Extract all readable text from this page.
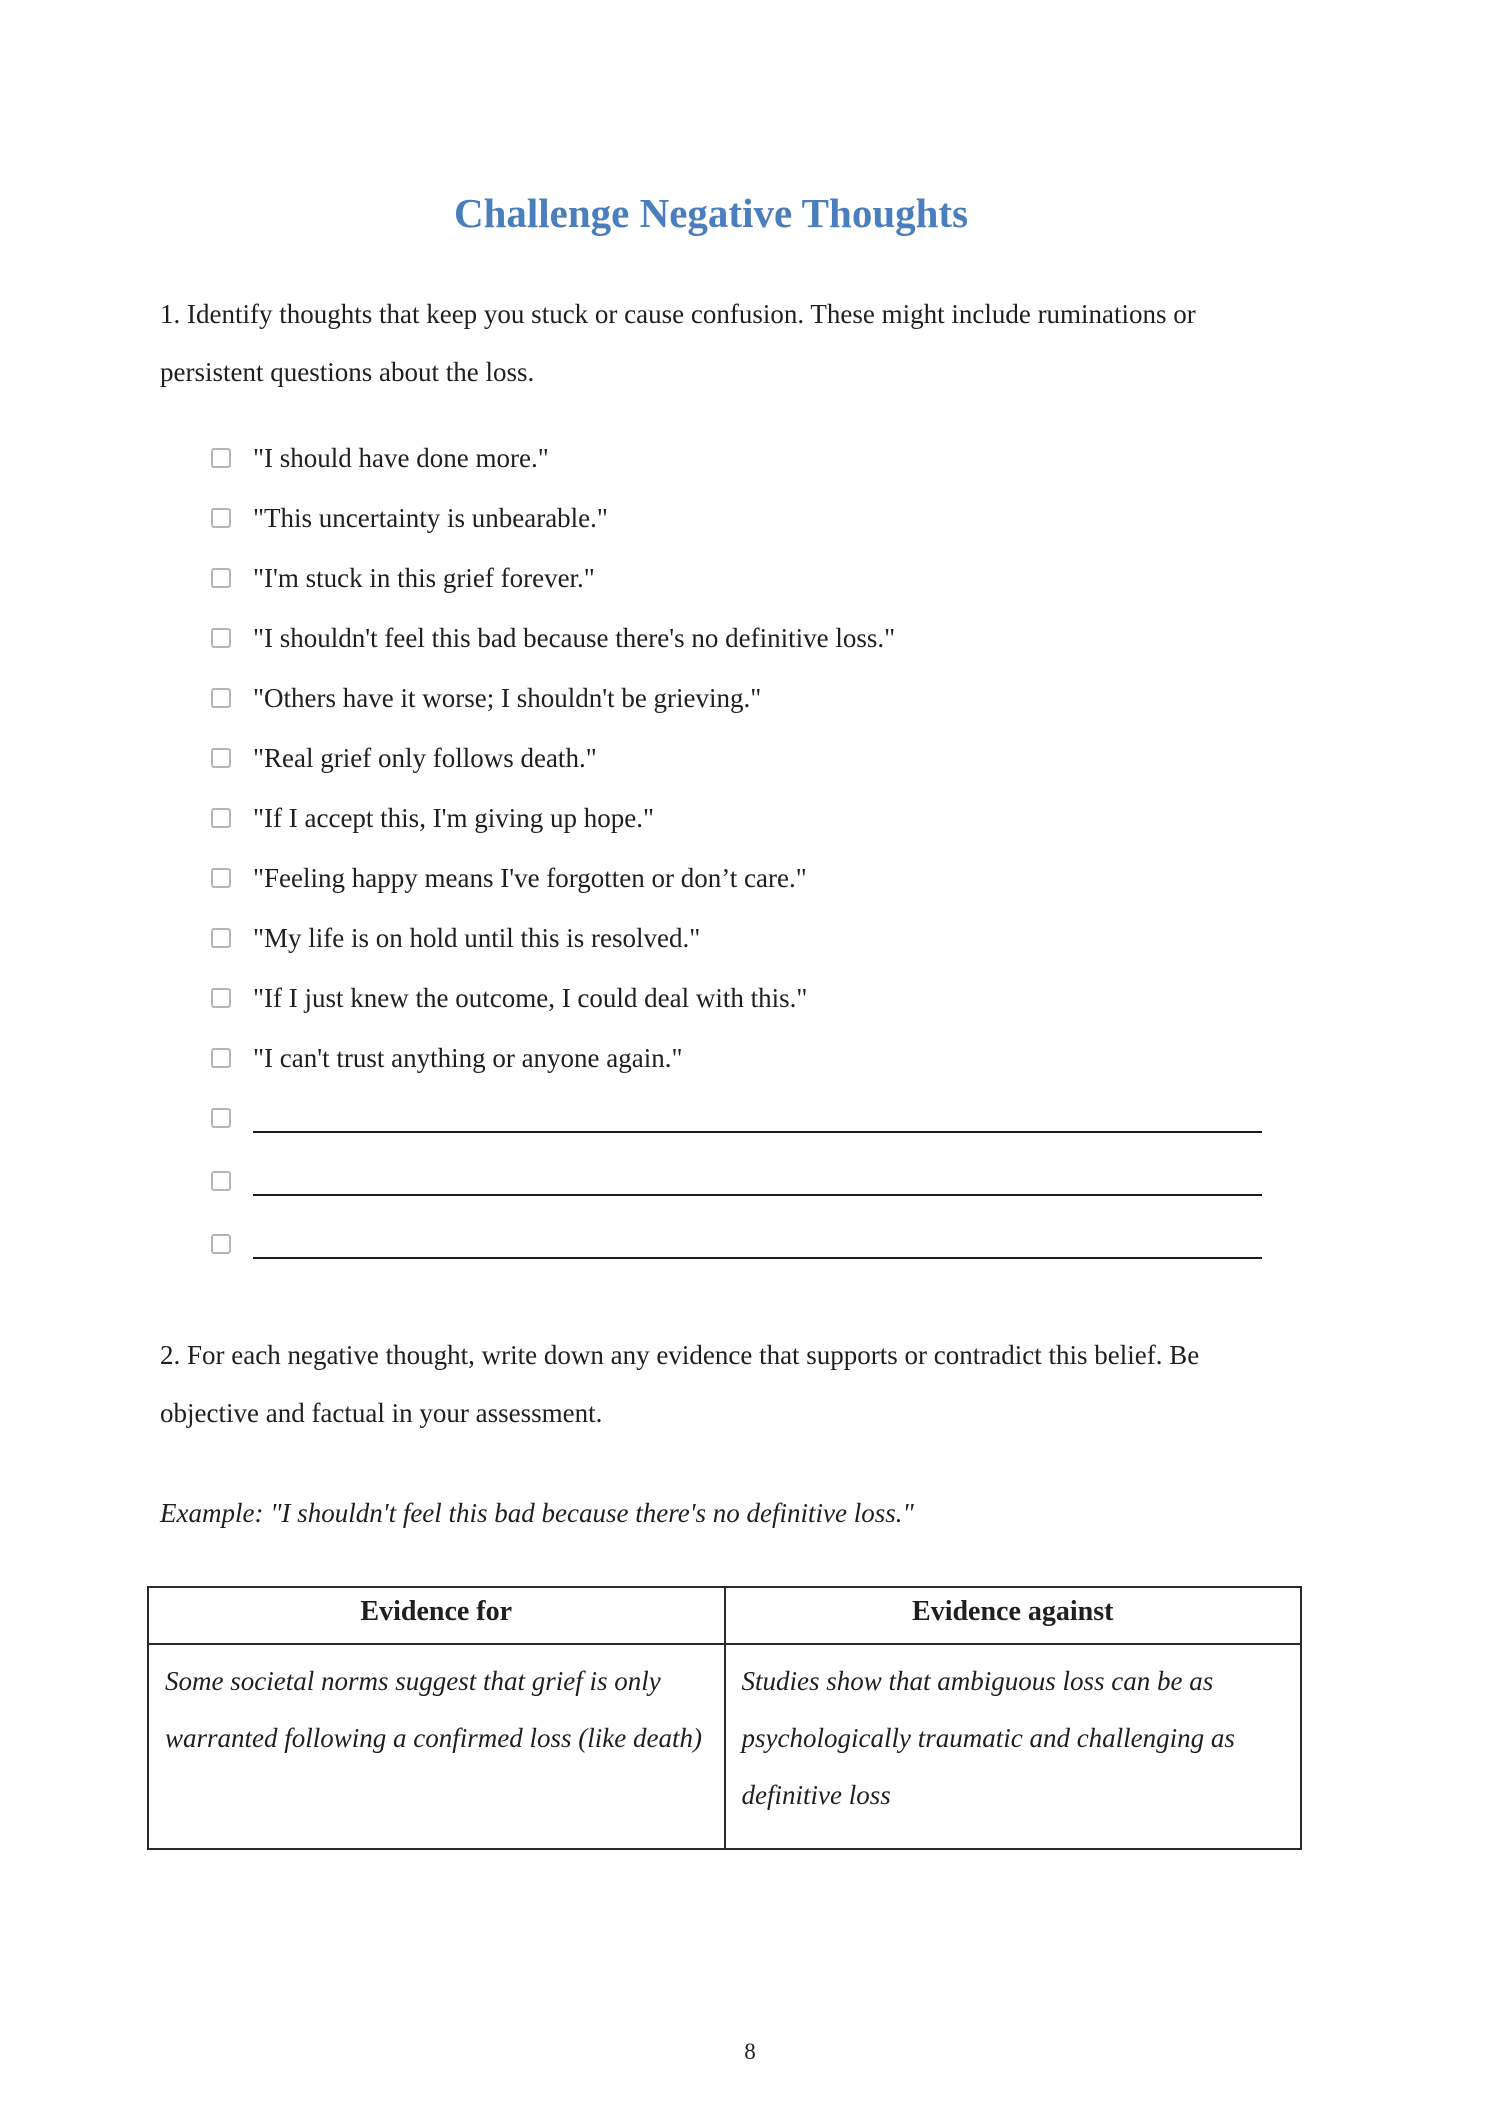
Challenge Negative Thoughts

1. Identify thoughts that keep you stuck or cause confusion. These might include ruminations or persistent questions about the loss.

"I should have done more."
"This uncertainty is unbearable."
"I'm stuck in this grief forever."
"I shouldn't feel this bad because there's no definitive loss."
"Others have it worse; I shouldn't be grieving."
"Real grief only follows death."
"If I accept this, I'm giving up hope."
"Feeling happy means I've forgotten or don’t care."
"My life is on hold until this is resolved."
"If I just knew the outcome, I could deal with this."
"I can't trust anything or anyone again."

2. For each negative thought, write down any evidence that supports or contradict this belief. Be objective and factual in your assessment.

Example: "I shouldn't feel this bad because there's no definitive loss."

Evidence for	Evidence against
Some societal norms suggest that grief is only warranted following a confirmed loss (like death)	Studies show that ambiguous loss can be as psychologically traumatic and challenging as definitive loss
8
